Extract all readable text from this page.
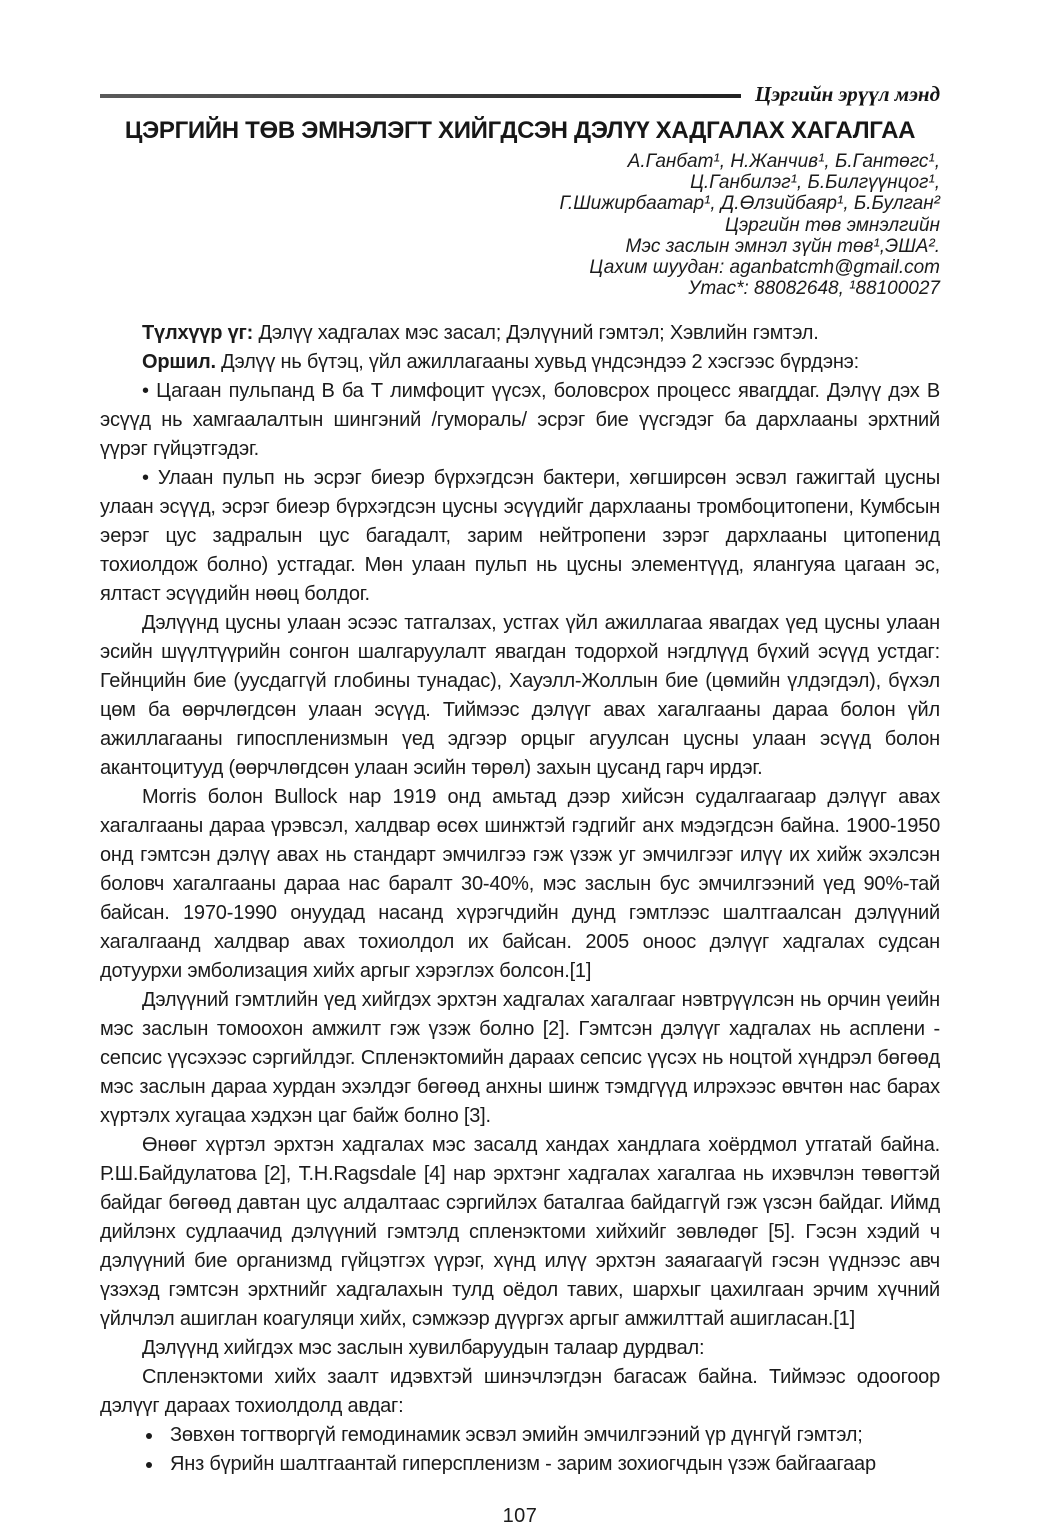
Цэргийн эрүүл мэнд
ЦЭРГИЙН ТӨВ ЭМНЭЛЭГТ ХИЙГДСЭН ДЭЛҮҮ ХАДГАЛАХ ХАГАЛГАА

А.Ганбат¹, Н.Жанчив¹, Б.Гантөгс¹,

Ц.Ганбилэг¹, Б.Билгүүнцог¹,

Г.Шижирбаатар¹, Д.Өлзийбаяр¹, Б.Булган²

Цэргийн төв эмнэлгийн

Мэс заслын эмнэл зүйн төв¹,ЭША².

Цахим шуудан: aganbatcmh@gmail.com

Утас*: 88082648, ¹88100027

Түлхүүр үг: Дэлүү хадгалах мэс засал; Дэлүүний гэмтэл; Хэвлийн гэмтэл.

Оршил. Дэлүү нь бүтэц, үйл ажиллагааны хувьд үндсэндээ 2 хэсгээс бүрдэнэ:

• Цагаан пульпанд В ба Т лимфоцит үүсэх, боловсрох процесс явагддаг. Дэлүү дэх В эсүүд нь хамгаалалтын шингэний /гумораль/ эсрэг бие үүсгэдэг ба дархлааны эрхтний үүрэг гүйцэтгэдэг.

• Улаан пульп нь эсрэг биеэр бүрхэгдсэн бактери, хөгширсөн эсвэл гажигтай цусны улаан эсүүд, эсрэг биеэр бүрхэгдсэн цусны эсүүдийг дархлааны тромбоцитопени, Кумбсын эерэг цус задралын цус багадалт, зарим нейтропени зэрэг дархлааны цитопенид тохиолдож болно) устгадаг. Мөн улаан пульп нь цусны элементүүд, ялангуяа цагаан эс, ялтаст эсүүдийн нөөц болдог.

Дэлүүнд цусны улаан эсээс татгалзах, устгах үйл ажиллагаа явагдах үед цусны улаан эсийн шүүлтүүрийн сонгон шалгаруулалт явагдан тодорхой нэгдлүүд бүхий эсүүд устдаг: Гейнцийн бие (уусдаггүй глобины тунадас), Хауэлл-Жоллын бие (цөмийн үлдэгдэл), бүхэл цөм ба өөрчлөгдсөн улаан эсүүд. Тиймээс дэлүүг авах хагалгааны дараа болон үйл ажиллагааны гипоспленизмын үед эдгээр орцыг агуулсан цусны улаан эсүүд болон акантоцитууд (өөрчлөгдсөн улаан эсийн төрөл) захын цусанд гарч ирдэг.

Morris болон Bullock нар 1919 онд амьтад дээр хийсэн судалгаагаар дэлүүг авах хагалгааны дараа үрэвсэл, халдвар өсөх шинжтэй гэдгийг анх мэдэгдсэн байна. 1900-1950 онд гэмтсэн дэлүү авах нь стандарт эмчилгээ гэж үзэж уг эмчилгээг илүү их хийж эхэлсэн боловч хагалгааны дараа нас баралт 30-40%, мэс заслын бус эмчилгээний үед 90%-тай байсан. 1970-1990 онуудад насанд хүрэгчдийн дунд гэмтлээс шалтгаалсан дэлүүний хагалгаанд халдвар авах тохиолдол их байсан. 2005 оноос дэлүүг хадгалах судсан дотуурхи эмболизация хийх аргыг хэрэглэх болсон.[1]

Дэлүүний гэмтлийн үед хийгдэх эрхтэн хадгалах хагалгааг нэвтрүүлсэн нь орчин үеийн мэс заслын томоохон амжилт гэж үзэж болно [2]. Гэмтсэн дэлүүг хадгалах нь асплени - сепсис үүсэхээс сэргийлдэг. Спленэктомийн дараах сепсис үүсэх нь ноцтой хүндрэл бөгөөд мэс заслын дараа хурдан эхэлдэг бөгөөд анхны шинж тэмдгүүд илрэхээс өвчтөн нас барах хүртэлх хугацаа хэдхэн цаг байж болно [3].

Өнөөг хүртэл эрхтэн хадгалах мэс засалд хандах хандлага хоёрдмол утгатай байна. Р.Ш.Байдулатова [2], T.H.Ragsdale [4] нар эрхтэнг хадгалах хагалгаа нь ихэвчлэн төвөгтэй байдаг бөгөөд давтан цус алдалтаас сэргийлэх баталгаа байдаггүй гэж үзсэн байдаг. Иймд дийлэнх судлаачид дэлүүний гэмтэлд спленэктоми хийхийг зөвлөдөг [5]. Гэсэн хэдий ч дэлүүний бие организмд гүйцэтгэх үүрэг, хүнд илүү эрхтэн заяагаагүй гэсэн үүднээс авч үзэхэд гэмтсэн эрхтнийг хадгалахын тулд оёдол тавих, шархыг цахилгаан эрчим хүчний үйлчлэл ашиглан коагуляци хийх, сэмжээр дүүргэх аргыг амжилттай ашигласан.[1]

Дэлүүнд хийгдэх мэс заслын хувилбаруудын талаар дурдвал:

Спленэктоми хийх заалт идэвхтэй шинэчлэгдэн багасаж байна. Тиймээс одоогоор дэлүүг дараах тохиолдолд авдаг:

• Зөвхөн тогтворгүй гемодинамик эсвэл эмийн эмчилгээний үр дүнгүй гэмтэл;
• Янз бүрийн шалтгаантай гиперспленизм - зарим зохиогчдын үзэж байгаагаар
107
